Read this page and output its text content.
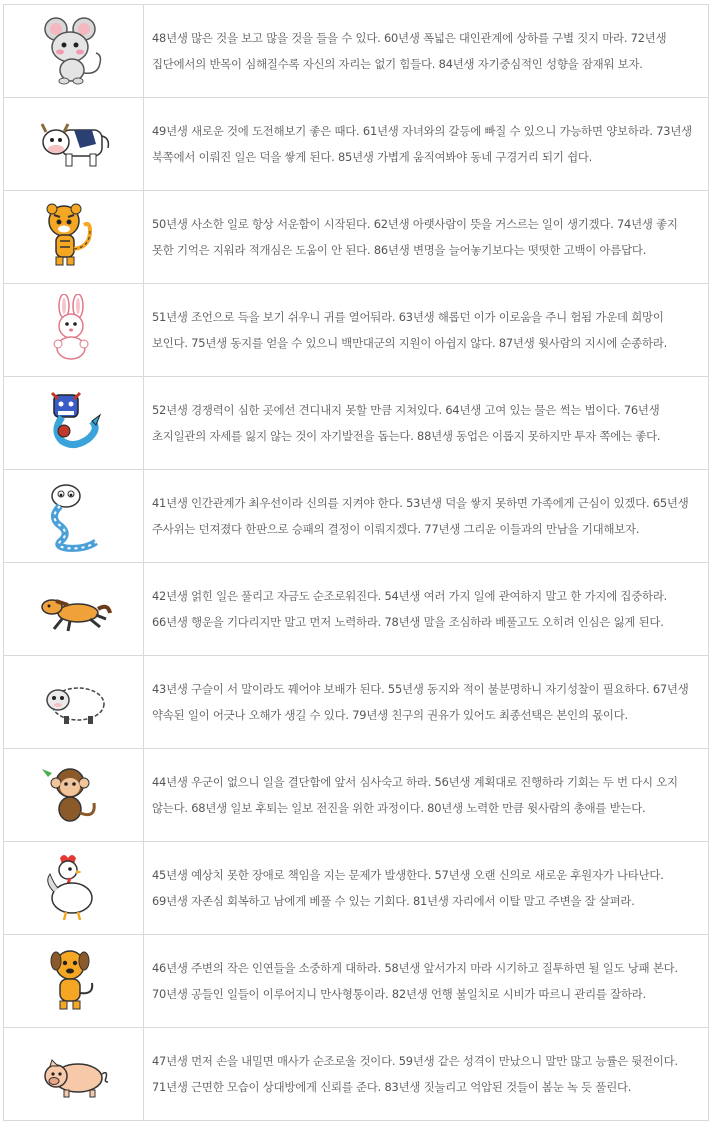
	48년생 많은 것을 보고 많을 것을 들을 수 있다. 60년생 폭넓은 대인관계에 상하를 구별 짓지 마라. 72년생 집단에서의 반목이 심해질수록 자신의 자리는 없기 힘들다. 84년생 자기중심적인 성향을 잠재워 보자.

	49년생 새로운 것에 도전해보기 좋은 때다. 61년생 자녀와의 갈등에 빠질 수 있으니 가능하면 양보하라. 73년생 북쪽에서 이뤄진 일은 덕을 쌓게 된다. 85년생 가볍게 움직여봐야 동네 구경거리 되기 쉽다.

	50년생 사소한 일로 항상 서운함이 시작된다. 62년생 아랫사람이 뜻을 거스르는 일이 생기겠다. 74년생 좋지 못한 기억은 지워라 적개심은 도움이 안 된다. 86년생 변명을 늘어놓기보다는 떳떳한 고백이 아름답다.

	51년생 조언으로 득을 보기 쉬우니 귀를 열어둬라. 63년생 해롭던 이가 이로움을 주니 험됨 가운데 희망이 보인다. 75년생 동지를 얻을 수 있으니 백만대군의 지원이 아쉽지 않다. 87년생 윗사람의 지시에 순종하라.

	52년생 경쟁력이 심한 곳에선 견디내지 못할 만큼 지쳐있다. 64년생 고여 있는 물은 썩는 법이다. 76년생 초지일관의 자세를 잃지 않는 것이 자기발전을 돕는다. 88년생 동업은 이롭지 못하지만 투자 쪽에는 좋다.

	41년생 인간관계가 최우선이라 신의를 지켜야 한다. 53년생 덕을 쌓지 못하면 가족에게 근심이 있겠다. 65년생 주사위는 던져졌다 한판으로 승패의 결정이 이뤄지겠다. 77년생 그리운 이들과의 만남을 기대해보자.

	42년생 얽힌 일은 풀리고 자금도 순조로워진다. 54년생 여러 가지 일에 관여하지 말고 한 가지에 집중하라. 66년생 행운을 기다리지만 말고 먼저 노력하라. 78년생 말을 조심하라 베풀고도 오히려 인심은 잃게 된다.

	43년생 구슬이 서 말이라도 꿰어야 보배가 된다. 55년생 동지와 적이 불분명하니 자기성찰이 필요하다. 67년생 약속된 일이 어긋나 오해가 생길 수 있다. 79년생 친구의 권유가 있어도 최종선택은 본인의 몫이다.

	44년생 우군이 없으니 일을 결단함에 앞서 심사숙고 하라. 56년생 계획대로 진행하라 기회는 두 번 다시 오지 않는다. 68년생 일보 후퇴는 일보 전진을 위한 과정이다. 80년생 노력한 만큼 윗사람의 총애를 받는다.

	45년생 예상치 못한 장애로 책임을 지는 문제가 발생한다. 57년생 오랜 신의로 새로운 후원자가 나타난다. 69년생 자존심 회복하고 남에게 베풀 수 있는 기회다. 81년생 자리에서 이탈 말고 주변을 잘 살펴라.

	46년생 주변의 작은 인연들을 소중하게 대하라. 58년생 앞서가지 마라 시기하고 질투하면 될 일도 낭패 본다. 70년생 공들인 일들이 이루어지니 만사형통이라. 82년생 언행 불일치로 시비가 따르니 관리를 잘하라.

	47년생 먼저 손을 내밀면 매사가 순조로울 것이다. 59년생 같은 성격이 만났으니 말만 많고 능률은 뒷전이다. 71년생 근면한 모습이 상대방에게 신뢰를 준다. 83년생 짓눌리고 억압된 것들이 봄눈 녹 듯 풀린다.
